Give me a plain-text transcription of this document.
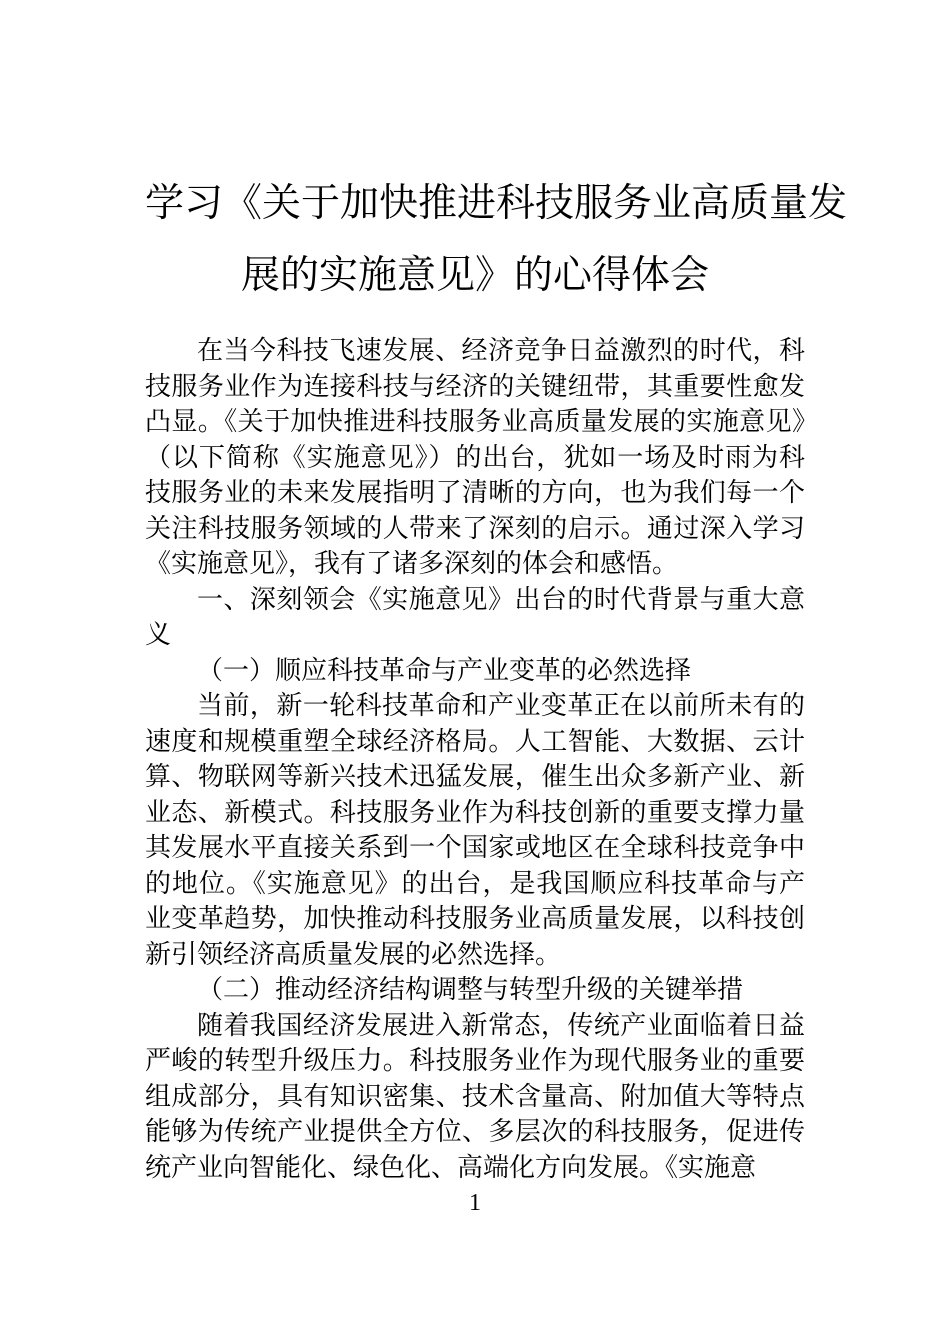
学习《关于加快推进科技服务业高质量发
展的实施意见》的心得体会

在当今科技飞速发展、经济竞争日益激烈的时代，科技服务业作为连接科技与经济的关键纽带，其重要性愈发凸显。《关于加快推进科技服务业高质量发展的实施意见》（以下简称《实施意见》）的出台，犹如一场及时雨为科技服务业的未来发展指明了清晰的方向，也为我们每一个关注科技服务领域的人带来了深刻的启示。通过深入学习《实施意见》，我有了诸多深刻的体会和感悟。

一、深刻领会《实施意见》出台的时代背景与重大意义

（一）顺应科技革命与产业变革的必然选择

当前，新一轮科技革命和产业变革正在以前所未有的速度和规模重塑全球经济格局。人工智能、大数据、云计算、物联网等新兴技术迅猛发展，催生出众多新产业、新业态、新模式。科技服务业作为科技创新的重要支撑力量其发展水平直接关系到一个国家或地区在全球科技竞争中的地位。《实施意见》的出台，是我国顺应科技革命与产业变革趋势，加快推动科技服务业高质量发展，以科技创新引领经济高质量发展的必然选择。

（二）推动经济结构调整与转型升级的关键举措

随着我国经济发展进入新常态，传统产业面临着日益严峻的转型升级压力。科技服务业作为现代服务业的重要组成部分，具有知识密集、技术含量高、附加值大等特点能够为传统产业提供全方位、多层次的科技服务，促进传统产业向智能化、绿色化、高端化方向发展。《实施意

1
